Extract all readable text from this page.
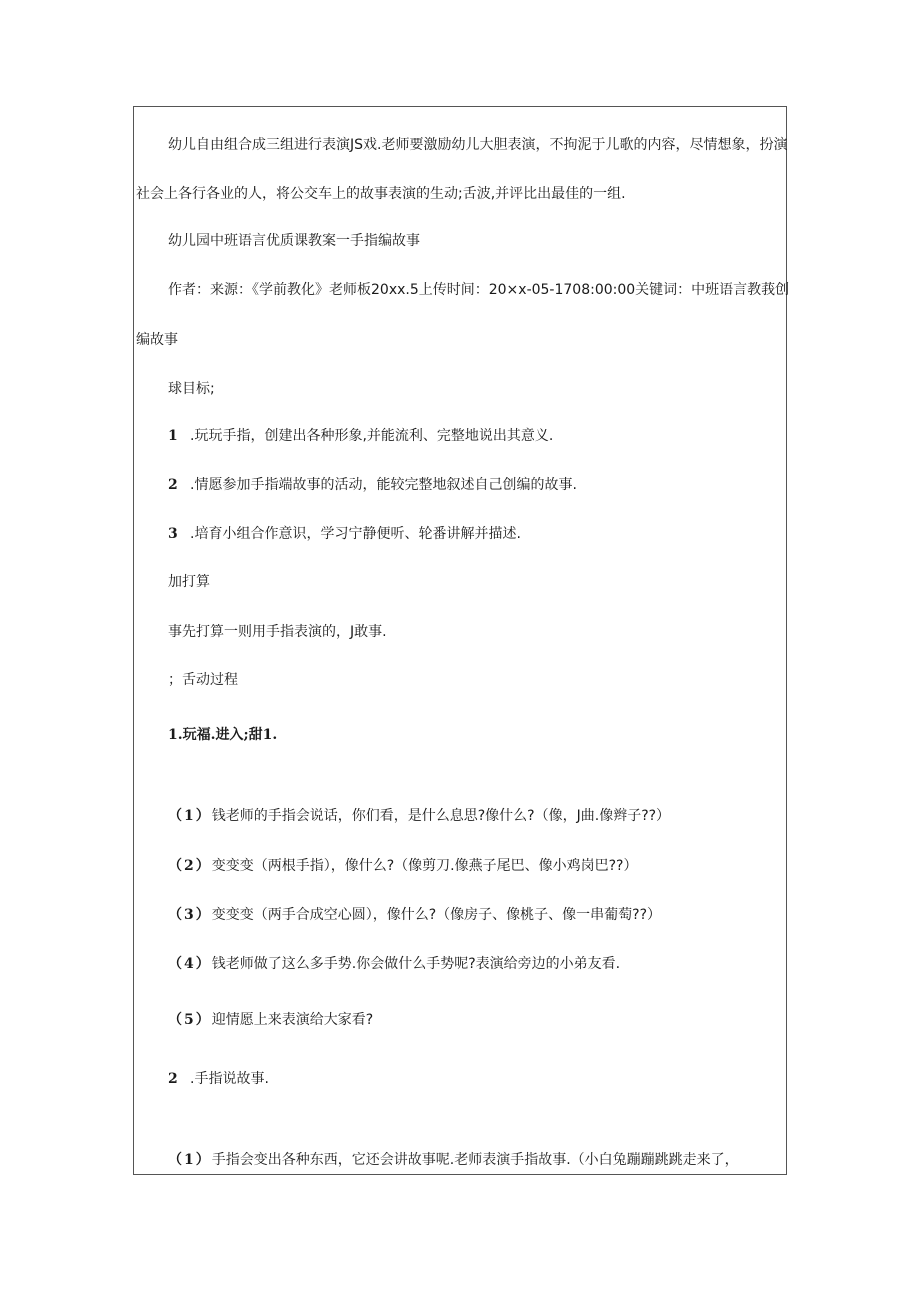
幼儿自由组合成三组进行表演JS戏.老师要激励幼儿大胆表演，不拘泥于儿歌的内容，尽情想象，扮演
社会上各行各业的人，将公交车上的故事表演的生动;舌波,并评比出最佳的一组.
幼儿园中班语言优质课教案一手指编故事
作者：来源：《学前教化》老师板20xx.5上传时间：20×x-05-1708:00:00关键词：中班语言教莪创
编故事
球目标;
1 .玩玩手指，创建出各种形象,并能流利、完整地说出其意义.
2 .情愿参加手指端故事的活动，能较完整地叙述自己创编的故事.
3 .培育小组合作意识，学习宁静便听、轮番讲解并描述.
加打算
事先打算一则用手指表演的，J敢事.
；舌动过程
1.玩福.进入;甜1.
（1）钱老师的手指会说话，你们看，是什么息思?像什么?（像，J曲.像辫子??）
（2）变变变（两根手指），像什么?（像剪刀.像燕子尾巴、像小鸡岗巴??）
（3）变变变（两手合成空心圆），像什么?（像房子、像桃子、像一串葡萄??）
（4）钱老师做了这么多手势.你会做什么手势呢?表演给旁边的小弟友看.
（5）迎情愿上来表演给大家看?
2 .手指说故事.
（1）手指会变出各种东西，它还会讲故事呢.老师表演手指故事.（小白兔蹦蹦跳跳走来了，
